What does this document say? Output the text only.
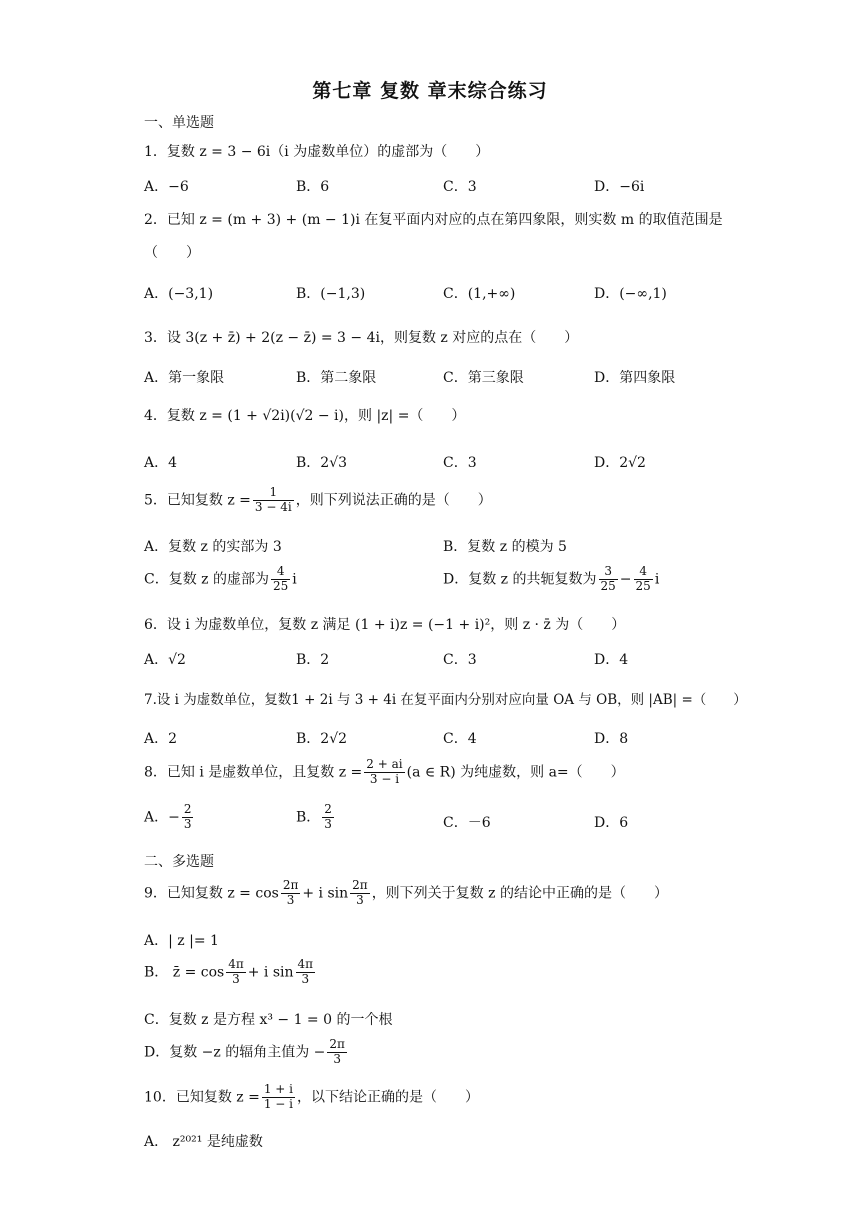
第七章 复数 章末综合练习
一、单选题
1．复数 z = 3 − 6i（i 为虚数单位）的虚部为（　　）
A．−6	B．6	C．3	D．−6i
2．已知 z = (m + 3) + (m − 1)i 在复平面内对应的点在第四象限，则实数 m 的取值范围是
（　　）
A．(−3,1)	B．(−1,3)	C．(1,+∞)	D．(−∞,1)
3．设 3(z + z̄) + 2(z − z̄) = 3 − 4i，则复数 z 对应的点在（　　）
A．第一象限	B．第二象限	C．第三象限	D．第四象限
4．复数 z = (1 + √2i)(√2 − i)，则 |z| =（　　）
A．4	B．2√3	C．3	D．2√2
5．已知复数 $z = \frac{1}{3 - 4i}$ ，则下列说法正确的是（　　）
A．复数 z 的实部为 3	B．复数 z 的模为 5
C．复数 z 的虚部为 $\frac{4}{25}$ i	D．复数 z 的共轭复数为 $\frac{3}{25} - \frac{4}{25}$ i
6．设 i 为虚数单位，复数 z 满足 (1 + i)z = (−1 + i)²，则 z · z̄ 为（　　）
A．√2	B．2	C．3	D．4
7.设 i 为虚数单位，复数1 + 2i 与 3 + 4i 在复平面内分别对应向量 OA 与 OB，则 |AB| =（　　）
A．2	B．2√2	C．4	D．8
8．已知 i 是虚数单位，且复数 $z = \frac{2 + ai}{3 - i} (a$ ∈ R) 为纯虚数，则 a=（　　）
A．− $\frac{2}{3}$	B． $\frac{2}{3}$	C．－6	D．6
二、多选题
9．已知复数 $z = \cos \frac{2\pi}{3} + i$ $\sin \frac{2\pi}{3}$ ，则下列关于复数 z 的结论中正确的是（　　）
A．| z |= 1
B． z̄ = $\cos \frac{4\pi}{3} + i$ $\sin \frac{4\pi}{3}$
C．复数 z 是方程 x³ − 1 = 0 的一个根
D．复数 −z 的辐角主值为 − $\frac{2\pi}{3}$
10．已知复数 $z = \frac{1 + i}{1 - i}$ ，以下结论正确的是（　　）
A． z²⁰²¹ 是纯虚数
